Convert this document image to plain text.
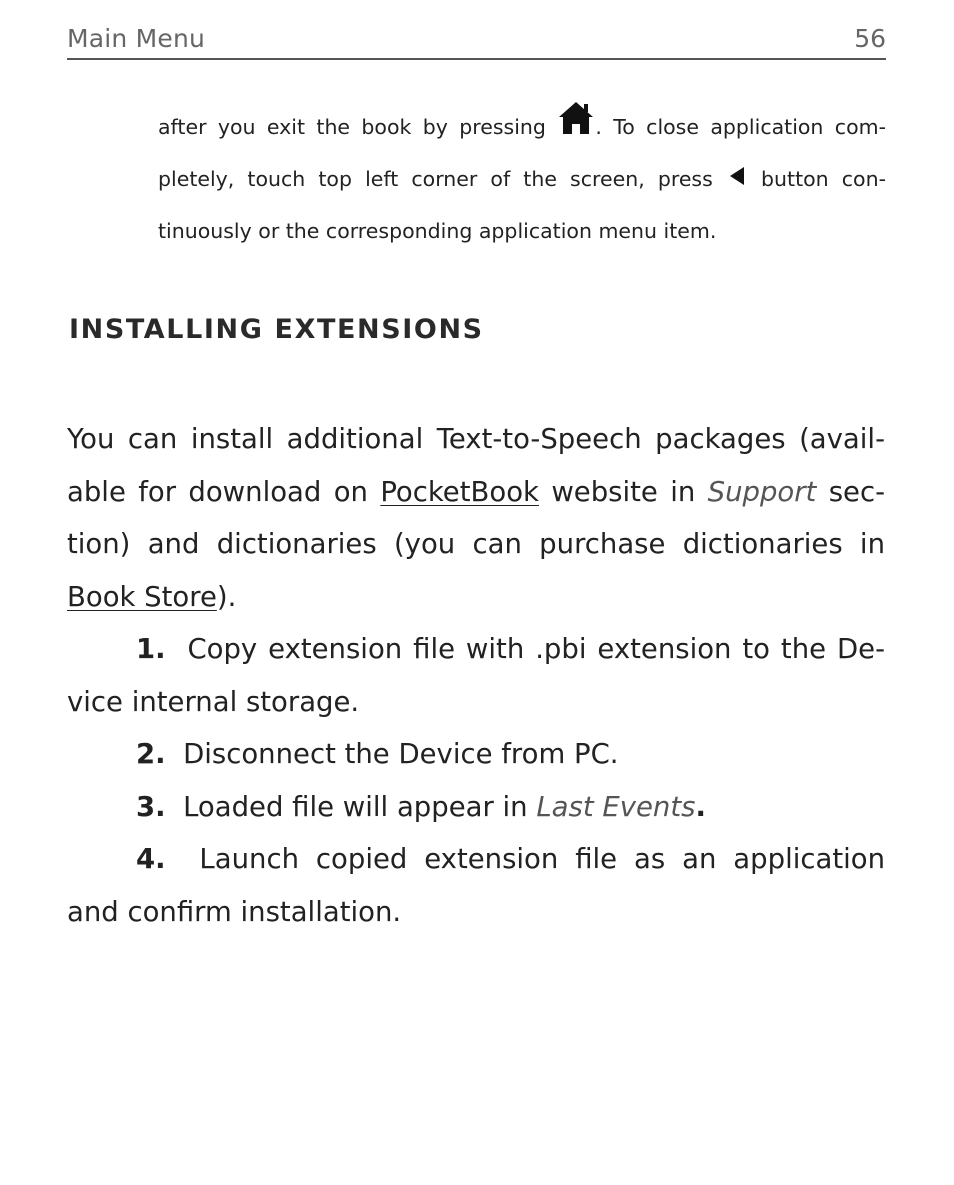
Main Menu	56
after you exit the book by pressing . To close application com-
pletely, touch top left corner of the screen, press button con-
tinuously or the corresponding application menu item.
INSTALLING EXTENSIONS
You can install additional Text-to-Speech packages (avail-
able for download on PocketBook website in Support sec-
tion) and dictionaries (you can purchase dictionaries in
Book Store).
1. Copy extension file with .pbi extension to the De-
vice internal storage.
2. Disconnect the Device from PC.
3. Loaded file will appear in Last Events.
4. Launch copied extension file as an application
and confirm installation.
